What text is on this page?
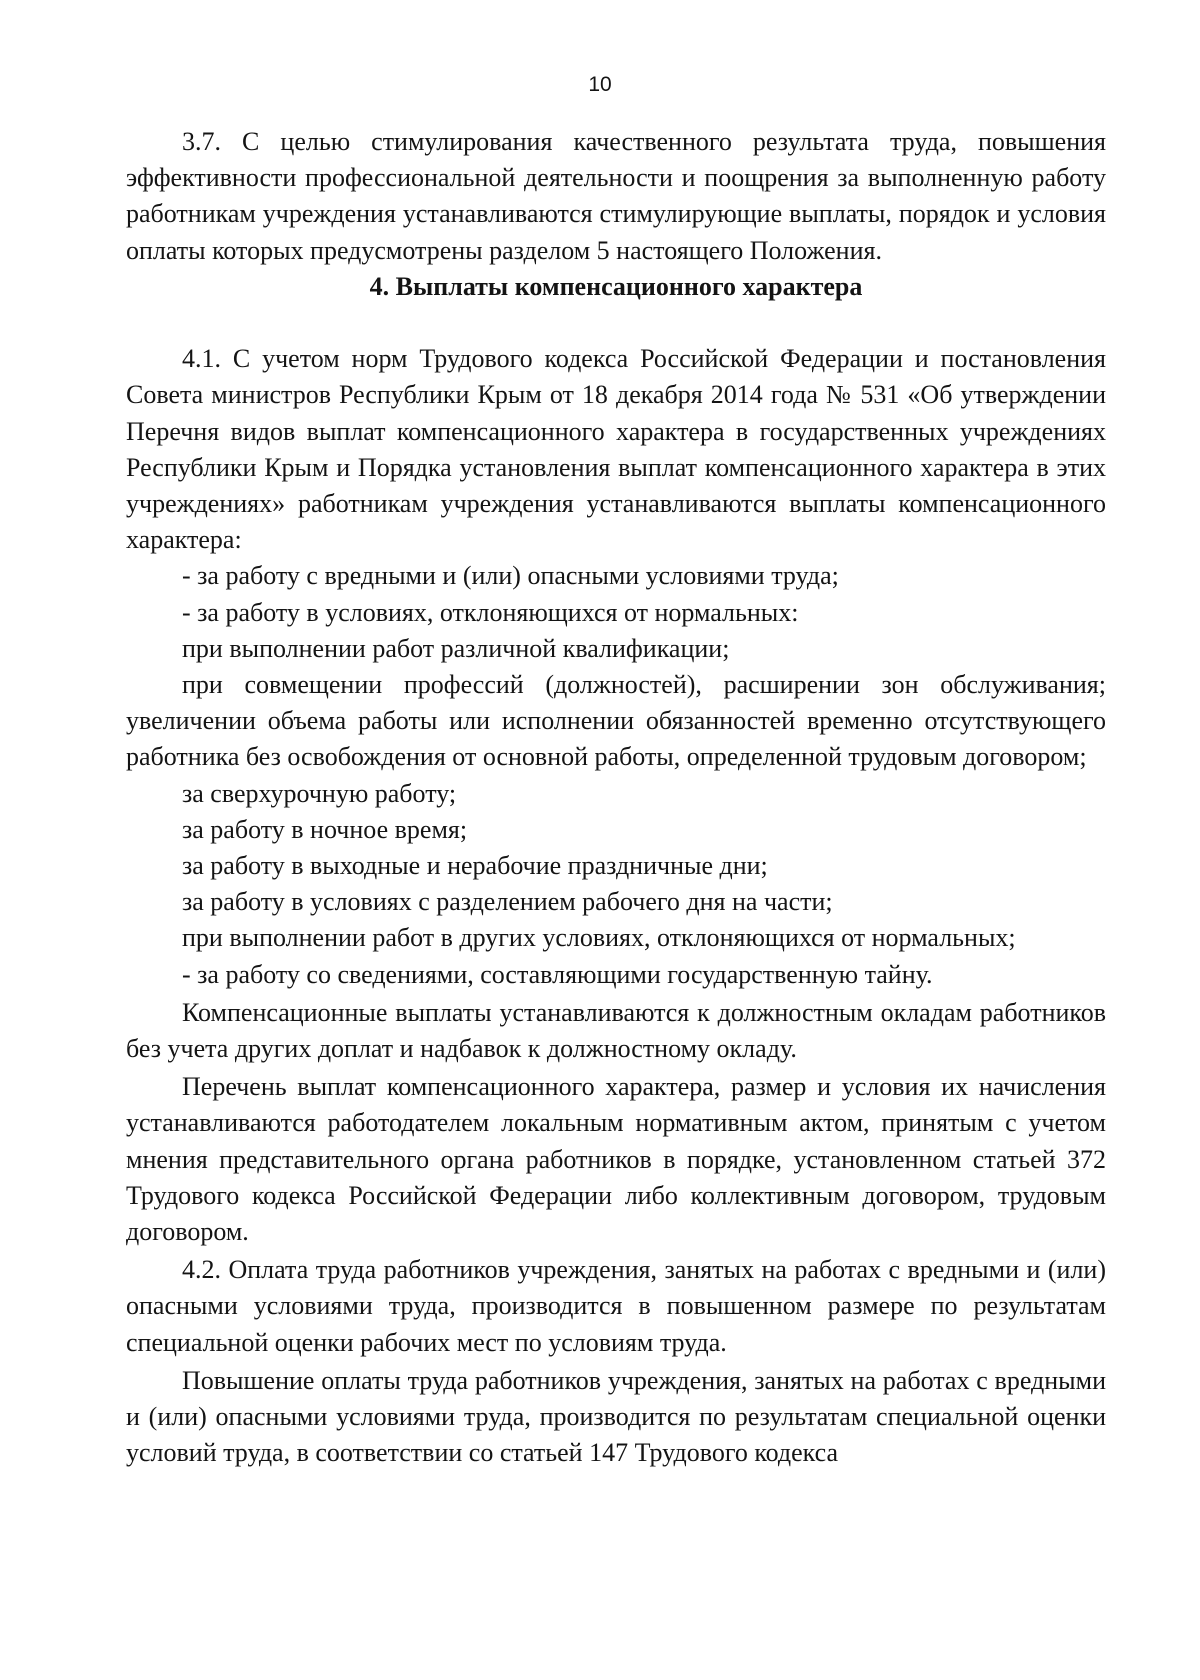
10

3.7. С целью стимулирования качественного результата труда, повышения эффективности профессиональной деятельности и поощрения за выполненную работу работникам учреждения устанавливаются стимулирующие выплаты, порядок и условия оплаты которых предусмотрены разделом 5 настоящего Положения.

4. Выплаты компенсационного характера

4.1. С учетом норм Трудового кодекса Российской Федерации и постановления Совета министров Республики Крым от 18 декабря 2014 года № 531 «Об утверждении Перечня видов выплат компенсационного характера в государственных учреждениях Республики Крым и Порядка установления выплат компенсационного характера в этих учреждениях» работникам учреждения устанавливаются выплаты компенсационного характера:

- за работу с вредными и (или) опасными условиями труда;

- за работу в условиях, отклоняющихся от нормальных:

при выполнении работ различной квалификации;

при совмещении профессий (должностей), расширении зон обслуживания; увеличении объема работы или исполнении обязанностей временно отсутствующего работника без освобождения от основной работы, определенной трудовым договором;

за сверхурочную работу;

за работу в ночное время;

за работу в выходные и нерабочие праздничные дни;

за работу в условиях с разделением рабочего дня на части;

при выполнении работ в других условиях, отклоняющихся от нормальных;

- за работу со сведениями, составляющими государственную тайну.

Компенсационные выплаты устанавливаются к должностным окладам работников без учета других доплат и надбавок к должностному окладу.

Перечень выплат компенсационного характера, размер и условия их начисления устанавливаются работодателем локальным нормативным актом, принятым с учетом мнения представительного органа работников в порядке, установленном статьей 372 Трудового кодекса Российской Федерации либо коллективным договором, трудовым договором.

4.2. Оплата труда работников учреждения, занятых на работах с вредными и (или) опасными условиями труда, производится в повышенном размере по результатам специальной оценки рабочих мест по условиям труда.

Повышение оплаты труда работников учреждения, занятых на работах с вредными и (или) опасными условиями труда, производится по результатам специальной оценки условий труда, в соответствии со статьей 147 Трудового кодекса
